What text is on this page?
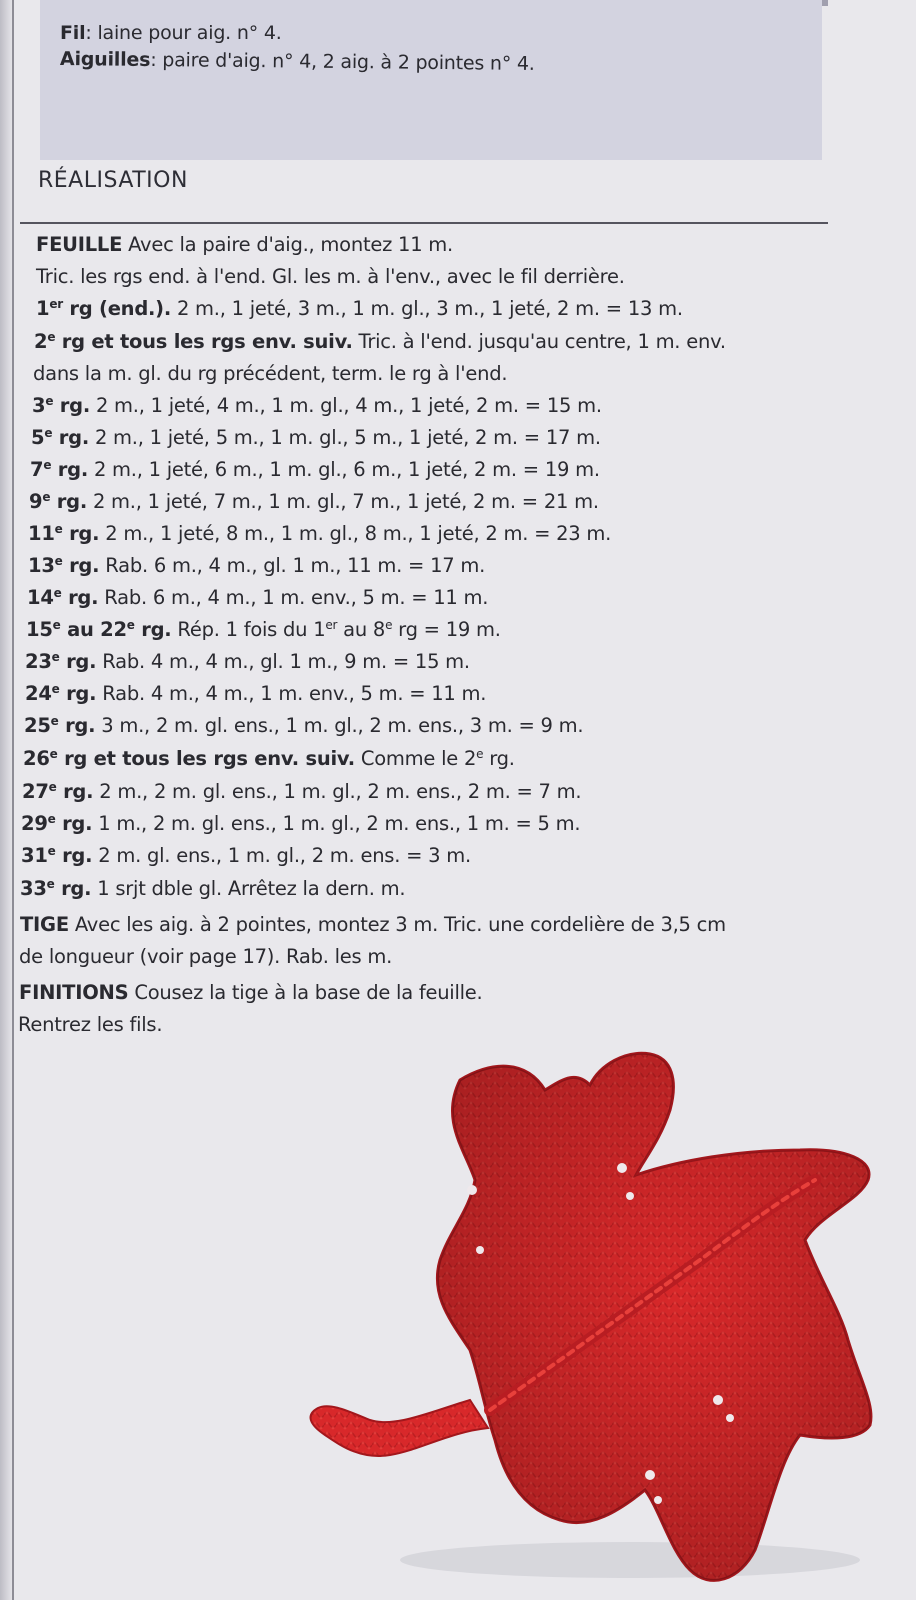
Fil: laine pour aig. n° 4.
Aiguilles: paire d'aig. n° 4, 2 aig. à 2 pointes n° 4.
RÉALISATION
FEUILLE Avec la paire d'aig., montez 11 m.
Tric. les rgs end. à l'end. Gl. les m. à l'env., avec le fil derrière.
1er rg (end.). 2 m., 1 jeté, 3 m., 1 m. gl., 3 m., 1 jeté, 2 m. = 13 m.
2e rg et tous les rgs env. suiv. Tric. à l'end. jusqu'au centre, 1 m. env.
dans la m. gl. du rg précédent, term. le rg à l'end.
3e rg. 2 m., 1 jeté, 4 m., 1 m. gl., 4 m., 1 jeté, 2 m. = 15 m.
5e rg. 2 m., 1 jeté, 5 m., 1 m. gl., 5 m., 1 jeté, 2 m. = 17 m.
7e rg. 2 m., 1 jeté, 6 m., 1 m. gl., 6 m., 1 jeté, 2 m. = 19 m.
9e rg. 2 m., 1 jeté, 7 m., 1 m. gl., 7 m., 1 jeté, 2 m. = 21 m.
11e rg. 2 m., 1 jeté, 8 m., 1 m. gl., 8 m., 1 jeté, 2 m. = 23 m.
13e rg. Rab. 6 m., 4 m., gl. 1 m., 11 m. = 17 m.
14e rg. Rab. 6 m., 4 m., 1 m. env., 5 m. = 11 m.
15e au 22e rg. Rép. 1 fois du 1er au 8e rg = 19 m.
23e rg. Rab. 4 m., 4 m., gl. 1 m., 9 m. = 15 m.
24e rg. Rab. 4 m., 4 m., 1 m. env., 5 m. = 11 m.
25e rg. 3 m., 2 m. gl. ens., 1 m. gl., 2 m. ens., 3 m. = 9 m.
26e rg et tous les rgs env. suiv. Comme le 2e rg.
27e rg. 2 m., 2 m. gl. ens., 1 m. gl., 2 m. ens., 2 m. = 7 m.
29e rg. 1 m., 2 m. gl. ens., 1 m. gl., 2 m. ens., 1 m. = 5 m.
31e rg. 2 m. gl. ens., 1 m. gl., 2 m. ens. = 3 m.
33e rg. 1 srjt dble gl. Arrêtez la dern. m.
TIGE Avec les aig. à 2 pointes, montez 3 m. Tric. une cordelière de 3,5 cm
de longueur (voir page 17). Rab. les m.
FINITIONS Cousez la tige à la base de la feuille.
Rentrez les fils.
